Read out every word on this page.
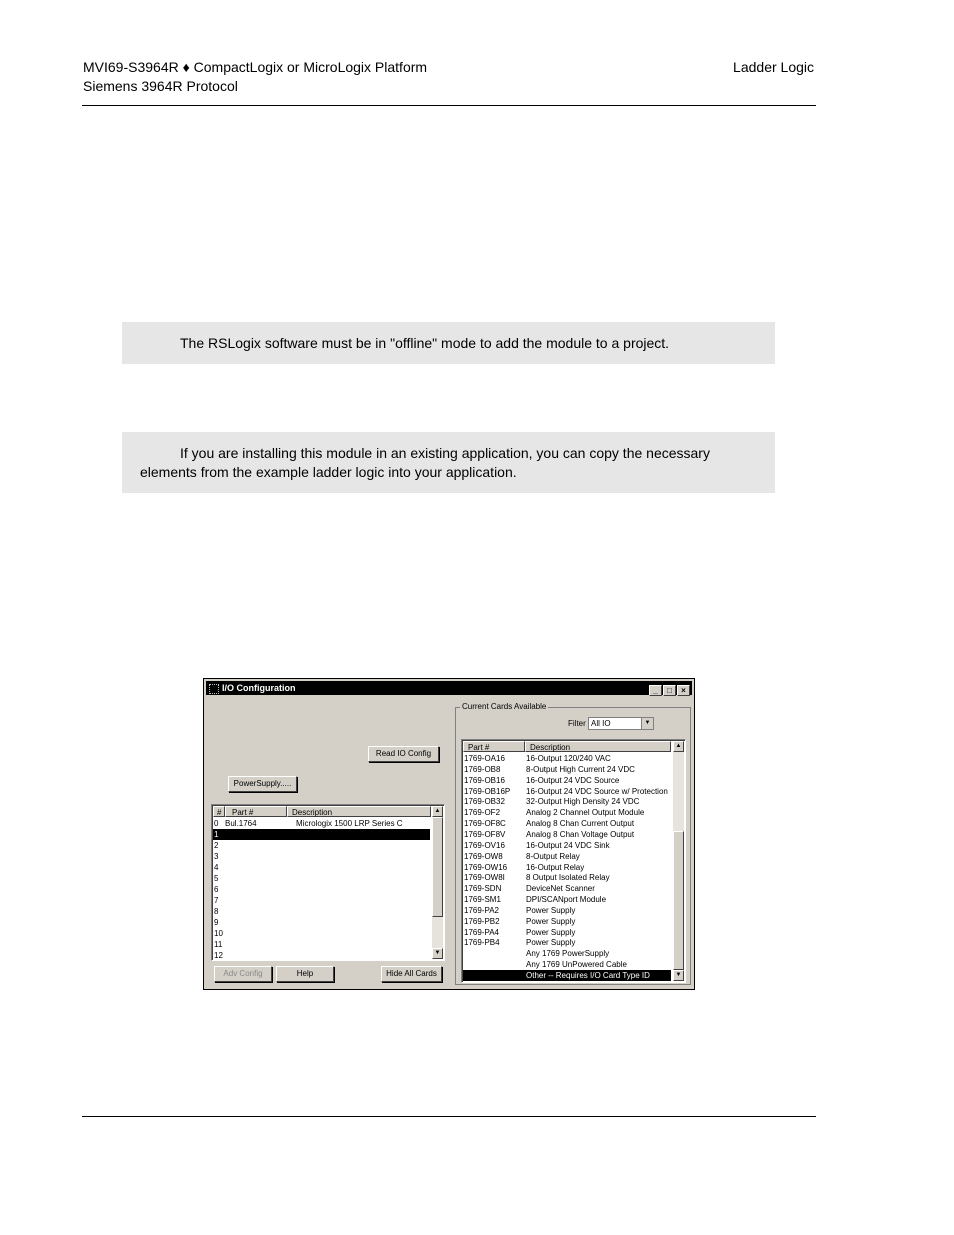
MVI69-S3964R ♦ CompactLogix or MicroLogix Platform
Siemens 3964R Protocol
Ladder Logic
The RSLogix software must be in "offline" mode to add the module to a project.
If you are installing this module in an existing application, you can copy the necessary
elements from the example ladder logic into your application.
I/O Configuration	_ □ ×
Read IO Config
PowerSupply.....
#	Part #	Description
0 Bul.1764	Micrologix 1500 LRP Series C
1
2
3
4
5
6
7
8
9
10
11
12
▲
▼
Adv Config	Help	Hide All Cards
Current Cards Available
Filter All IO	▼
Part #	Description
1769-OA16	16-Output 120/240 VAC
1769-OB8	8-Output High Current 24 VDC
1769-OB16	16-Output 24 VDC Source
1769-OB16P 16-Output 24 VDC Source w/ Protection
1769-OB32	32-Output High Density 24 VDC
1769-OF2	Analog 2 Channel Output Module
1769-OF8C	Analog 8 Chan Current Output
1769-OF8V	Analog 8 Chan Voltage Output
1769-OV16	16-Output 24 VDC Sink
1769-OW8	8-Output Relay
1769-OW16 16-Output Relay
1769-OW8I	8 Output Isolated Relay
1769-SDN	DeviceNet Scanner
1769-SM1	DPI/SCANport Module
1769-PA2	Power Supply
1769-PB2	Power Supply
1769-PA4	Power Supply
1769-PB4	Power Supply
Any 1769 PowerSupply
Any 1769 UnPowered Cable
Other -- Requires I/O Card Type ID
▲
▼
